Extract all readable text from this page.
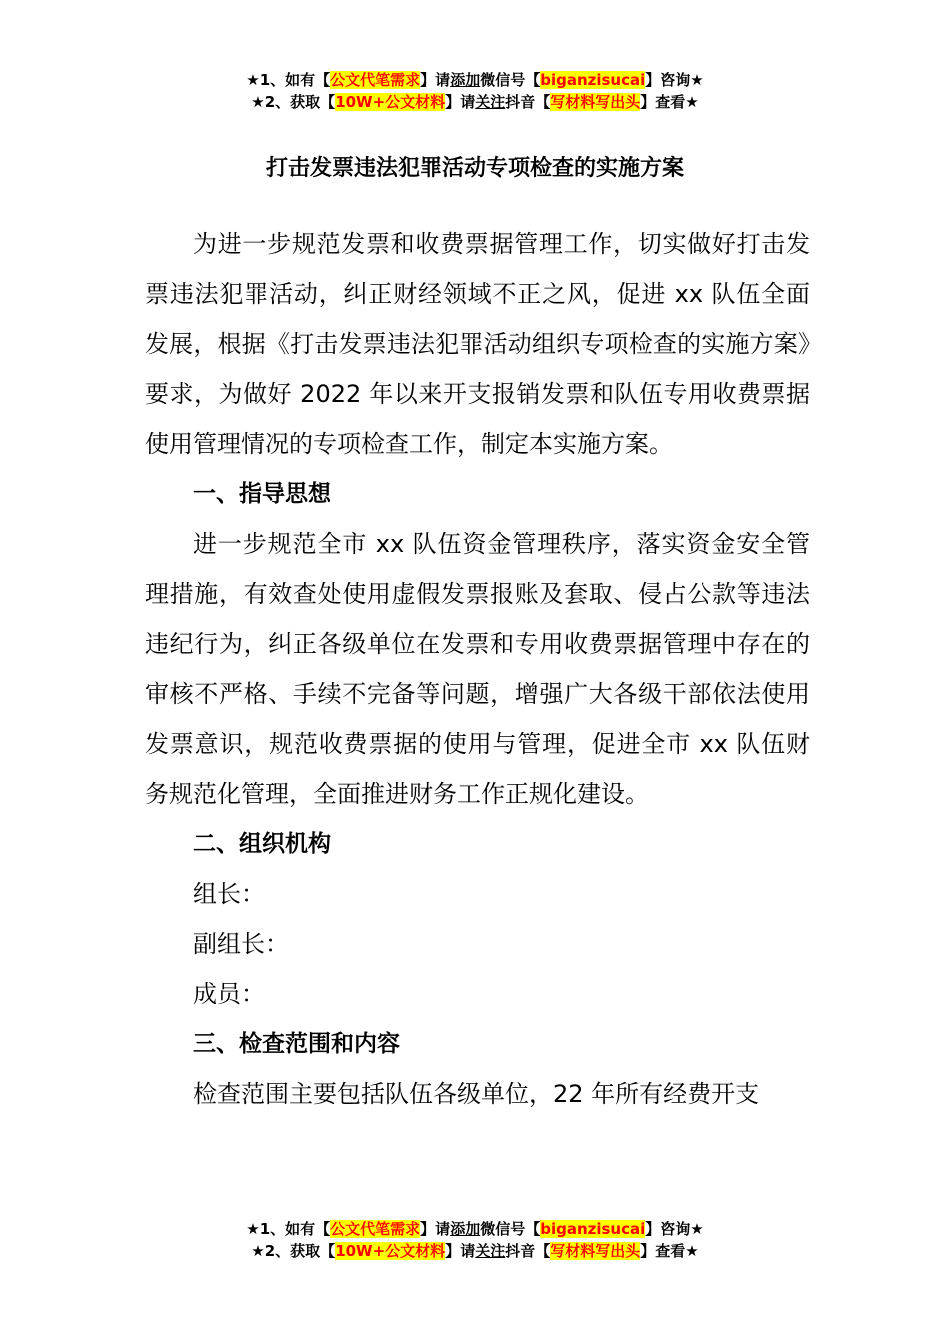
★1、如有【公文代笔需求】请添加微信号【biganzisucai】咨询★
★2、获取【10W+公文材料】请关注抖音【写材料写出头】查看★
打击发票违法犯罪活动专项检查的实施方案

为进一步规范发票和收费票据管理工作，切实做好打击发票违法犯罪活动，纠正财经领域不正之风，促进 xx 队伍全面发展，根据《打击发票违法犯罪活动组织专项检查的实施方案》要求，为做好 2022 年以来开支报销发票和队伍专用收费票据使用管理情况的专项检查工作，制定本实施方案。

一、指导思想

进一步规范全市 xx 队伍资金管理秩序，落实资金安全管理措施，有效查处使用虚假发票报账及套取、侵占公款等违法违纪行为，纠正各级单位在发票和专用收费票据管理中存在的审核不严格、手续不完备等问题，增强广大各级干部依法使用发票意识，规范收费票据的使用与管理，促进全市 xx 队伍财务规范化管理，全面推进财务工作正规化建设。

二、组织机构

组长：

副组长：

成员：

三、检查范围和内容

检查范围主要包括队伍各级单位，22 年所有经费开支

★1、如有【公文代笔需求】请添加微信号【biganzisucai】咨询★
★2、获取【10W+公文材料】请关注抖音【写材料写出头】查看★
